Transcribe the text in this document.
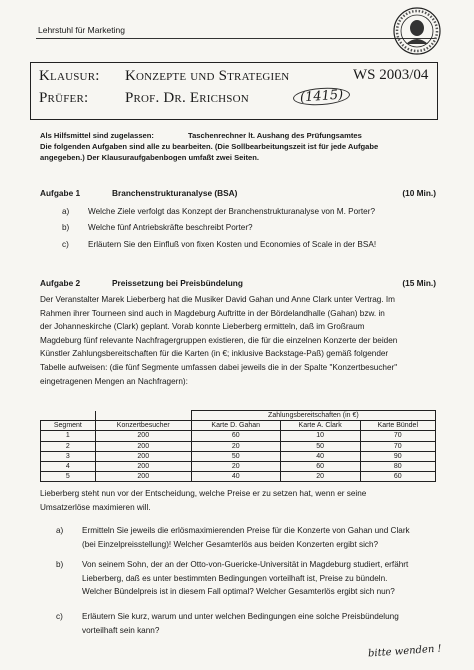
Lehrstuhl für Marketing
Klausur: Konzepte und Strategien	WS 2003/04
Prüfer: Prof. Dr. Erichson	(1415)
Als Hilfsmittel sind zugelassen:	Taschenrechner lt. Aushang des Prüfungsamtes
Die folgenden Aufgaben sind alle zu bearbeiten. (Die Sollbearbeitungszeit ist für jede Aufgabe
angegeben.) Der Klausuraufgabenbogen umfaßt zwei Seiten.
Aufgabe 1	Branchenstrukturanalyse (BSA)	(10 Min.)
a) Welche Ziele verfolgt das Konzept der Branchenstrukturanalyse von M. Porter?
b) Welche fünf Antriebskräfte beschreibt Porter?
c) Erläutern Sie den Einfluß von fixen Kosten und Economies of Scale in der BSA!
Aufgabe 2	Preissetzung bei Preisbündelung	(15 Min.)
Der Veranstalter Marek Lieberberg hat die Musiker David Gahan und Anne Clark unter Vertrag. Im
Rahmen ihrer Tourneen sind auch in Magdeburg Auftritte in der Bördelandhalle (Gahan) bzw. in
der Johanneskirche (Clark) geplant. Vorab konnte Lieberberg ermitteln, daß im Großraum
Magdeburg fünf relevante Nachfragergruppen existieren, die für die einzelnen Konzerte der beiden
Künstler Zahlungsbereitschaften für die Karten (in €; inklusive Backstage-Paß) gemäß folgender
Tabelle aufweisen: (die fünf Segmente umfassen dabei jeweils die in der Spalte "Konzertbesucher"
eingetragenen Mengen an Nachfragern):
		Zahlungsbereitschaften (in €)		
Segment	Konzertbesucher	Karte D. Gahan	Karte A. Clark	Karte Bündel
1	200	60	10	70
2	200	20	50	70
3	200	50	40	90
4	200	20	60	80
5	200	40	20	60
Lieberberg steht nun vor der Entscheidung, welche Preise er zu setzen hat, wenn er seine
Umsatzerlöse maximieren will.
a) Ermitteln Sie jeweils die erlösmaximierenden Preise für die Konzerte von Gahan und Clark
(bei Einzelpreisstellung)! Welcher Gesamterlös aus beiden Konzerten ergibt sich?
b) Von seinem Sohn, der an der Otto-von-Guericke-Universität in Magdeburg studiert, erfährt
Lieberberg, daß es unter bestimmten Bedingungen vorteilhaft ist, Preise zu bündeln.
Welcher Bündelpreis ist in diesem Fall optimal? Welcher Gesamterlös ergibt sich nun?
c) Erläutern Sie kurz, warum und unter welchen Bedingungen eine solche Preisbündelung
vorteilhaft sein kann?
bitte wenden !
